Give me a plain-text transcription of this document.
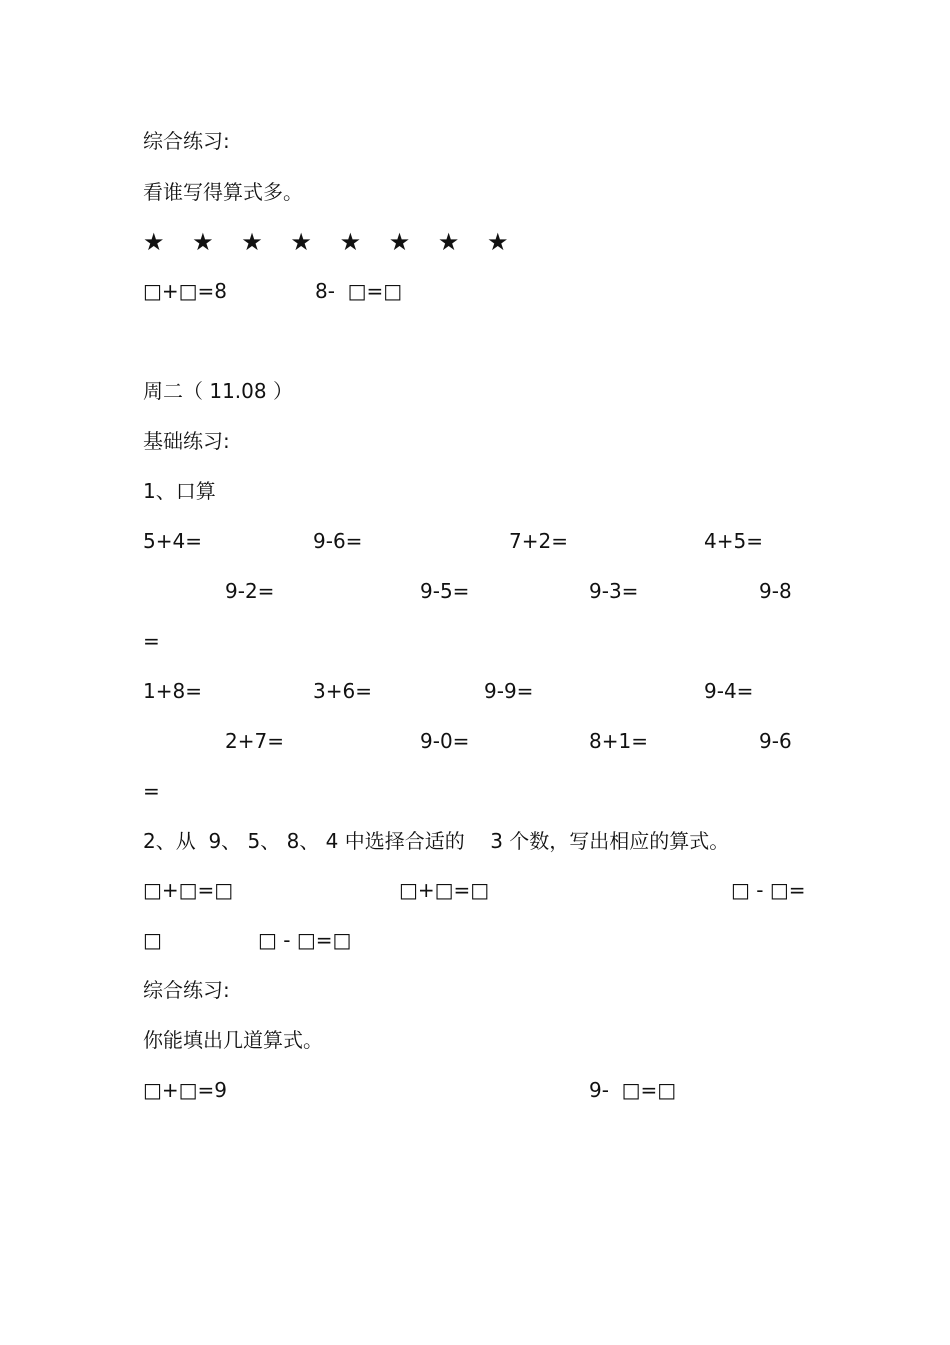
综合练习:
看谁写得算式多。
★ ★ ★ ★ ★ ★ ★ ★
□+□=8	8-  □=□
周二（ 11.08 ）
基础练习:
1、口算
5+4=	9-6=	7+2=	4+5=
9-2=	9-5=	9-3=	9-8
=
1+8=	3+6=	9-9=	9-4=
2+7=	9-0=	8+1=	9-6
=
2、从  9、 5、 8、 4 中选择合适的    3 个数，写出相应的算式。
□+□=□	□+□=□	□ - □=
□	□ - □=□
综合练习:
你能填出几道算式。
□+□=9	9-  □=□
